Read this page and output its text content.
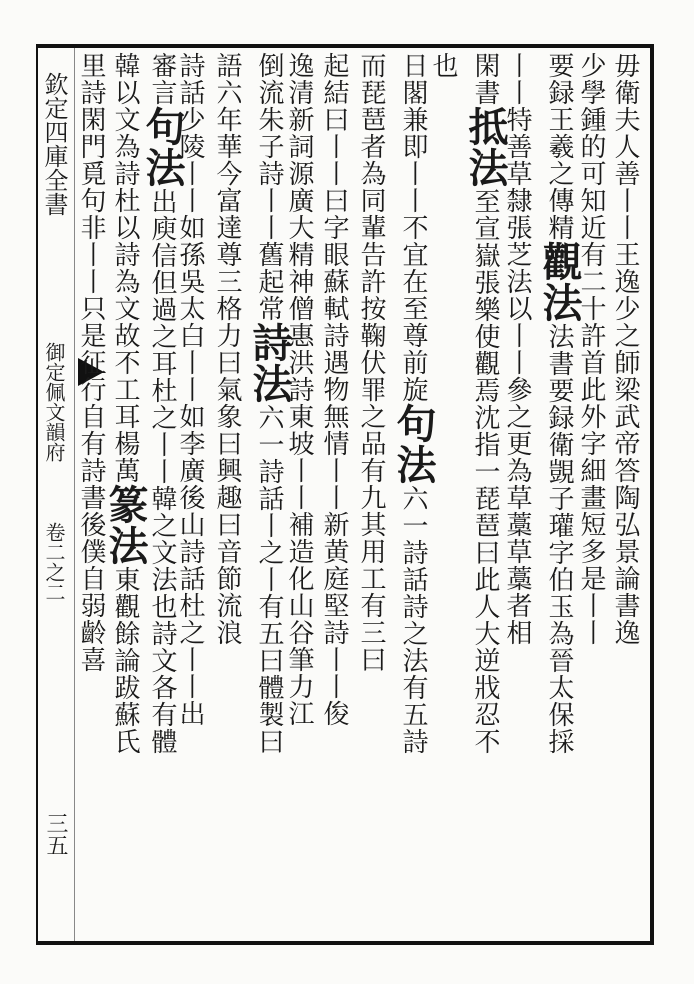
欽定四庫全書
御定佩文韻府
卷二之二
三五
毋衛夫人善丨丨王逸少之師梁武帝答陶弘景論書逸
少學鍾的可知近有二十許首此外字細畫短多是丨丨
要録王羲之傳精觀法法書要録衛覬子瓘字伯玉為晉太保採
丨丨特善草隸張芝法以丨丨參之更為草藁草藁者相
閑書抵法至宣嶽張樂使觀焉沈指一琵琶曰此人大逆戕忍不
也
日閣兼即丨丨不宜在至尊前旋句法六一詩話詩之法有五詩
而琵琶者為同輩告許按鞠伏罪之品有九其用工有三曰
起結曰丨丨曰字眼蘇軾詩遇物無情丨丨新黄庭堅詩丨丨俊
逸清新詞源廣大精神僧惠洪詩東坡丨丨補造化山谷筆力江
倒流朱子詩丨丨舊起常詩法六一詩話丨之丨有五曰體製曰
語六年華今富達尊三格力曰氣象曰興趣曰音節流浪
詩話少陵丨丨如孫吳太白丨丨如李廣後山詩話杜之丨丨出
審言句法出庾信但過之耳杜之丨丨韓之文法也詩文各有體
韓以文為詩杜以詩為文故不工耳楊萬篆法東觀餘論跋蘇氏
里詩閑門覓句非丨丨只是征行自有詩書後僕自弱齡喜
